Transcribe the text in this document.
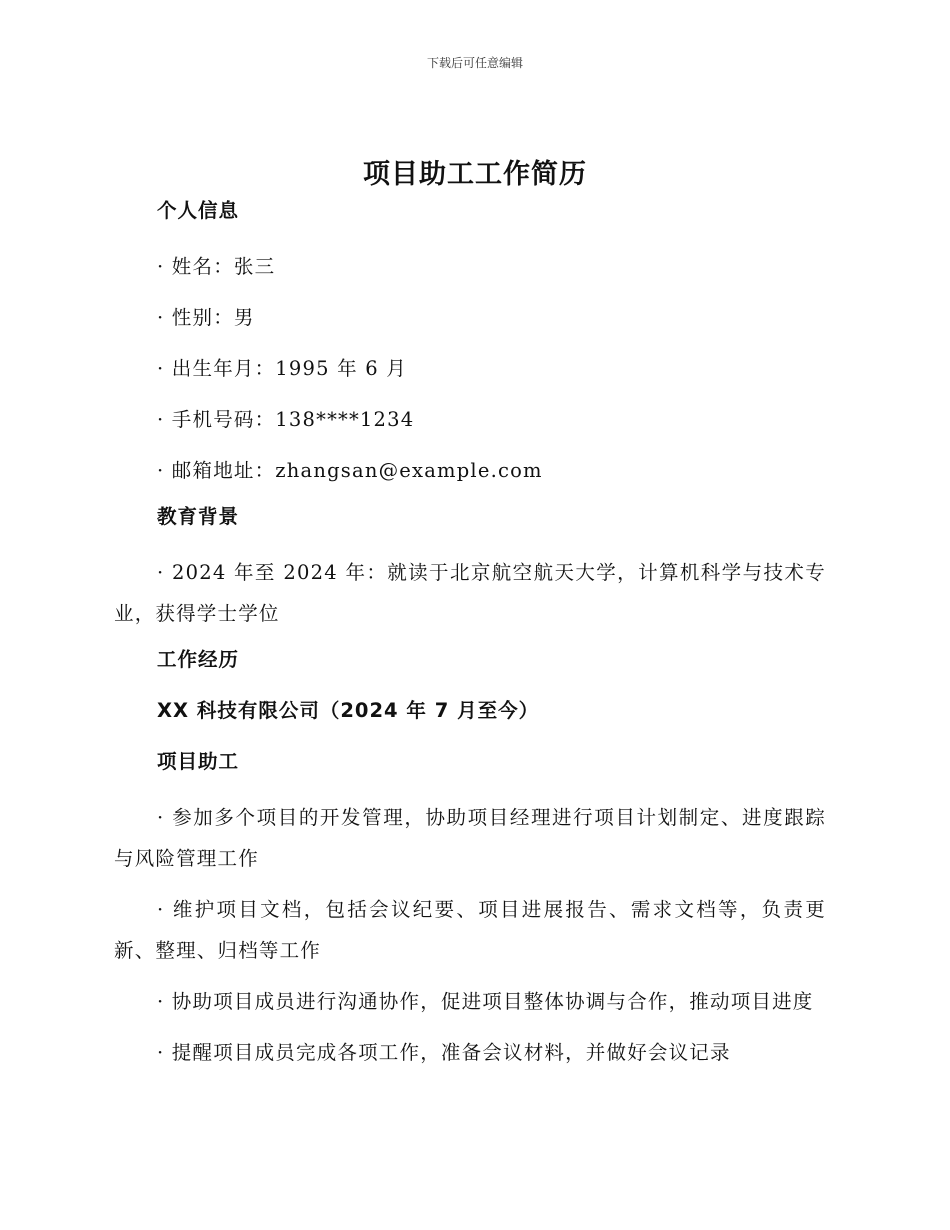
下载后可任意编辑
项目助工工作简历

个人信息

· 姓名：张三

· 性别：男

· 出生年月：1995 年 6 月

· 手机号码：138****1234

· 邮箱地址：zhangsan@example.com

教育背景

· 2024 年至 2024 年：就读于北京航空航天大学，计算机科学与技术专业，获得学士学位

工作经历

XX 科技有限公司（2024 年 7 月至今）

项目助工

· 参加多个项目的开发管理，协助项目经理进行项目计划制定、进度跟踪与风险管理工作

· 维护项目文档，包括会议纪要、项目进展报告、需求文档等，负责更新、整理、归档等工作

· 协助项目成员进行沟通协作，促进项目整体协调与合作，推动项目进度

· 提醒项目成员完成各项工作，准备会议材料，并做好会议记录
